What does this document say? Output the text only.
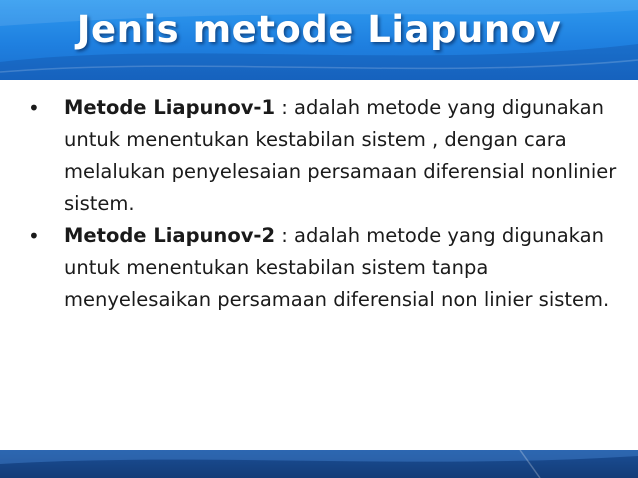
Jenis metode Liapunov
•	Metode Liapunov-1 : adalah metode yang digunakan untuk menentukan kestabilan sistem , dengan cara melalukan penyelesaian persamaan diferensial nonlinier sistem.
•	Metode Liapunov-2 : adalah metode yang digunakan untuk menentukan kestabilan sistem tanpa menyelesaikan persamaan diferensial non linier sistem.
